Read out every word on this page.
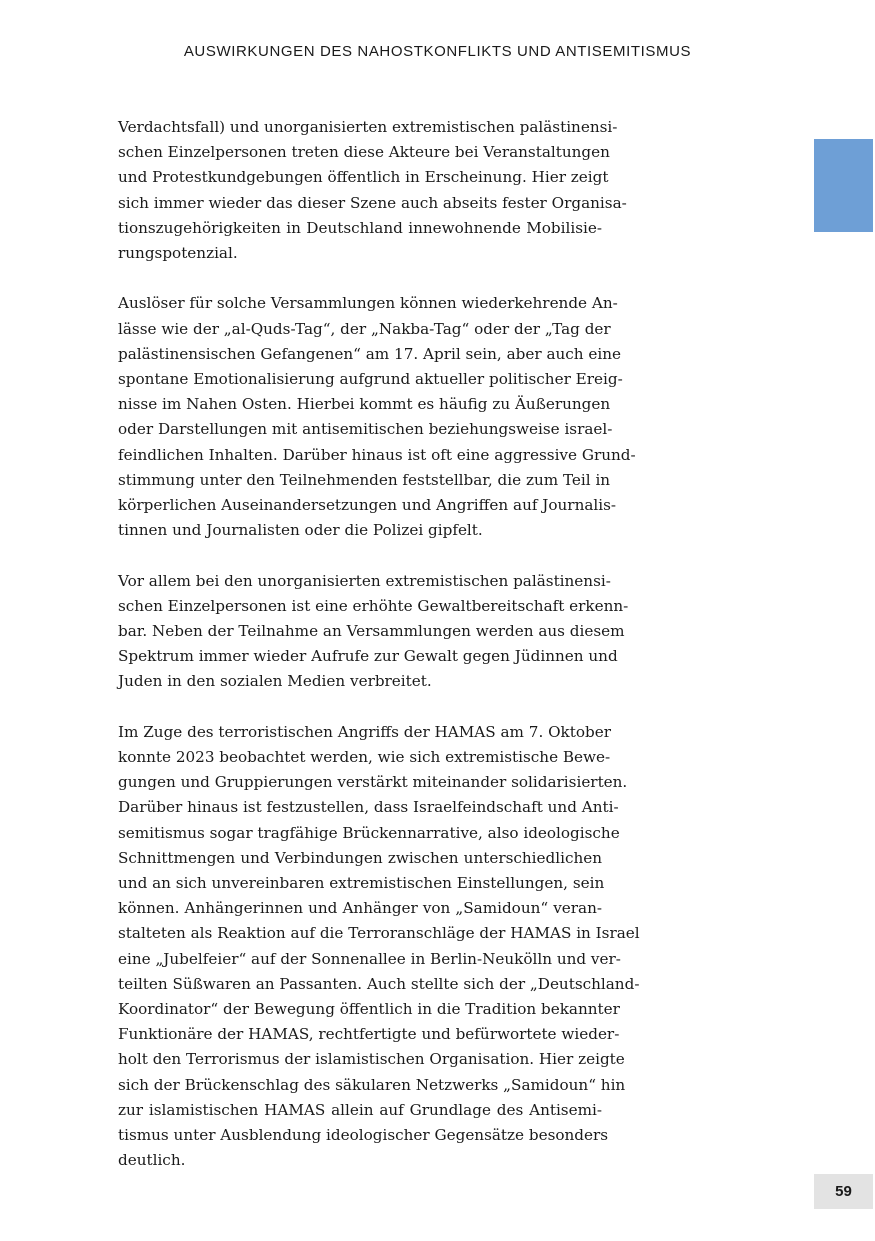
AUSWIRKUNGEN DES NAHOSTKONFLIKTS UND ANTISEMITISMUS
Verdachtsfall) und unorganisierten extremistischen palästinensi-
schen Einzelpersonen treten diese Akteure bei Veranstaltungen
und Protestkundgebungen öffentlich in Erscheinung. Hier zeigt
sich immer wieder das dieser Szene auch abseits fester Organisa-
tionszugehörigkeiten in Deutschland innewohnende Mobilisie-
rungspotenzial.
Auslöser für solche Versammlungen können wiederkehrende An-
lässe wie der „al-Quds-Tag“, der „Nakba-Tag“ oder der „Tag der
palästinensischen Gefangenen“ am 17. April sein, aber auch eine
spontane Emotionalisierung aufgrund aktueller politischer Ereig-
nisse im Nahen Osten. Hierbei kommt es häufig zu Äußerungen
oder Darstellungen mit antisemitischen beziehungsweise israel-
feindlichen Inhalten. Darüber hinaus ist oft eine aggressive Grund-
stimmung unter den Teilnehmenden feststellbar, die zum Teil in
körperlichen Auseinandersetzungen und Angriffen auf Journalis-
tinnen und Journalisten oder die Polizei gipfelt.
Vor allem bei den unorganisierten extremistischen palästinensi-
schen Einzelpersonen ist eine erhöhte Gewaltbereitschaft erkenn-
bar. Neben der Teilnahme an Versammlungen werden aus diesem
Spektrum immer wieder Aufrufe zur Gewalt gegen Jüdinnen und
Juden in den sozialen Medien verbreitet.
Im Zuge des terroristischen Angriffs der HAMAS am 7. Oktober
konnte 2023 beobachtet werden, wie sich extremistische Bewe-
gungen und Gruppierungen verstärkt miteinander solidarisierten.
Darüber hinaus ist festzustellen, dass Israelfeindschaft und Anti-
semitismus sogar tragfähige Brückennarrative, also ideologische
Schnittmengen und Verbindungen zwischen unterschiedlichen
und an sich unvereinbaren extremistischen Einstellungen, sein
können. Anhängerinnen und Anhänger von „Samidoun“ veran-
stalteten als Reaktion auf die Terroranschläge der HAMAS in Israel
eine „Jubelfeier“ auf der Sonnenallee in Berlin-Neukölln und ver-
teilten Süßwaren an Passanten. Auch stellte sich der „Deutschland-
Koordinator“ der Bewegung öffentlich in die Tradition bekannter
Funktionäre der HAMAS, rechtfertigte und befürwortete wieder-
holt den Terrorismus der islamistischen Organisation. Hier zeigte
sich der Brückenschlag des säkularen Netzwerks „Samidoun“ hin
zur islamistischen HAMAS allein auf Grundlage des Antisemi-
tismus unter Ausblendung ideologischer Gegensätze besonders
deutlich.
59
